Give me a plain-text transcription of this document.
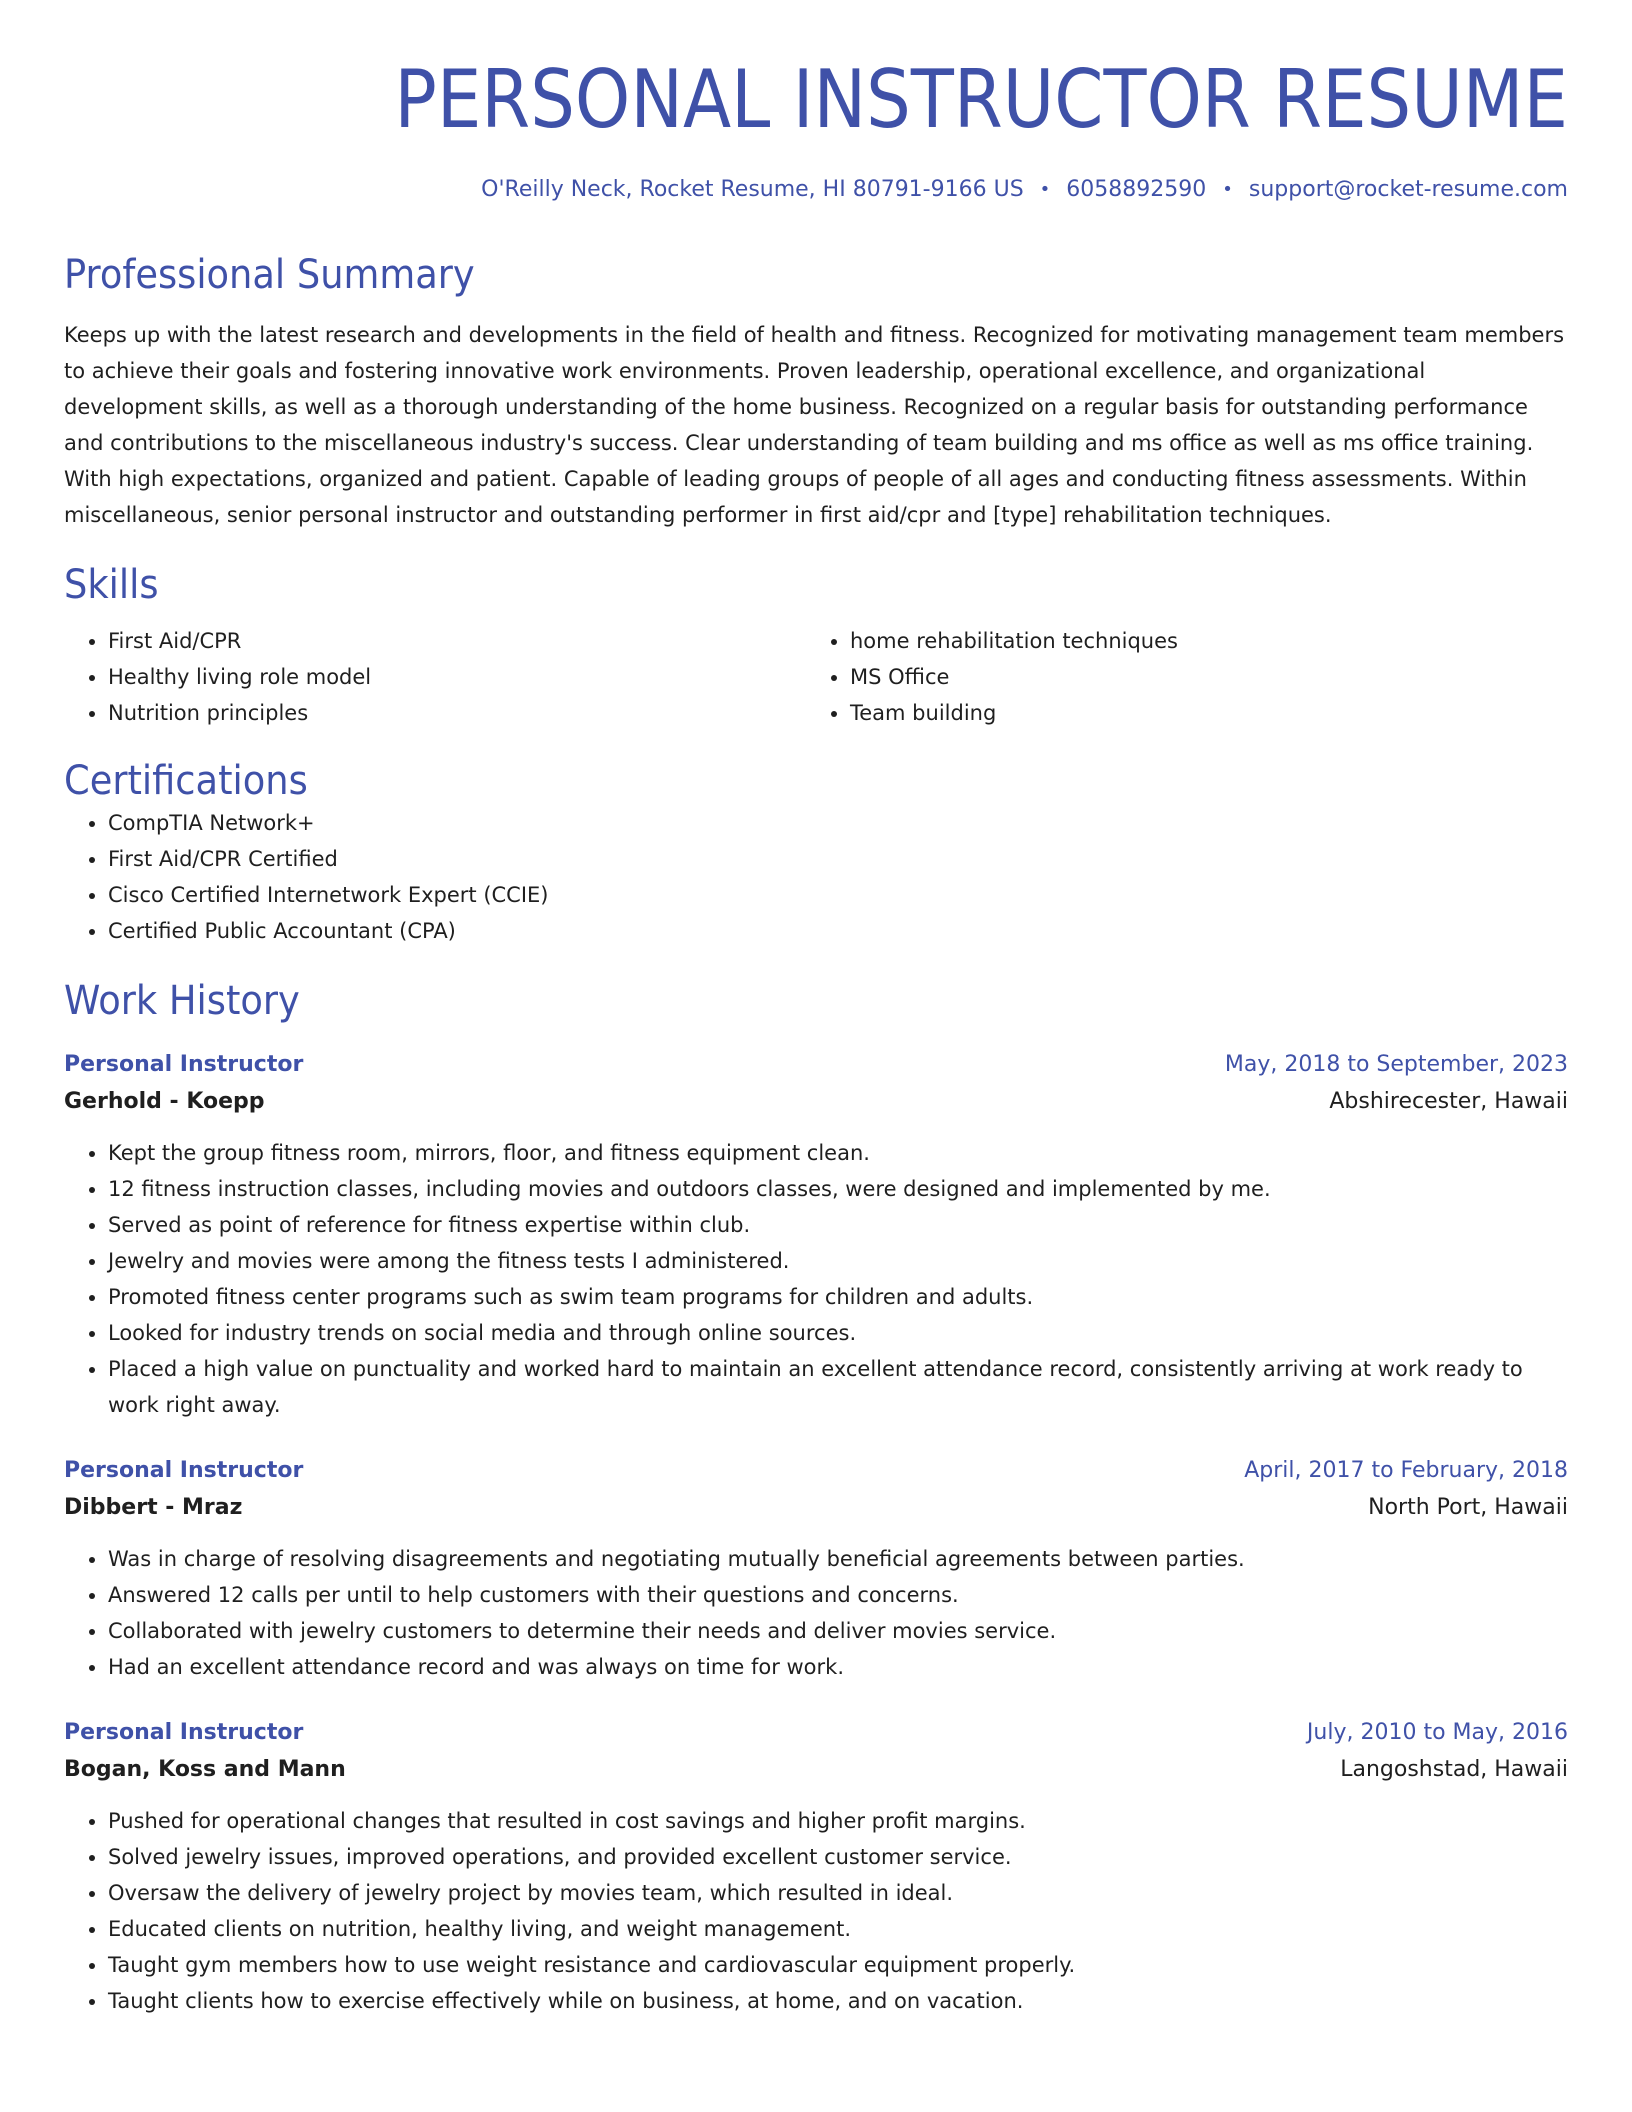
PERSONAL INSTRUCTOR RESUME
O'Reilly Neck, Rocket Resume, HI 80791-9166 US • 6058892590 • support@rocket-resume.com
Professional Summary
Keeps up with the latest research and developments in the field of health and fitness. Recognized for motivating management team members to achieve their goals and fostering innovative work environments. Proven leadership, operational excellence, and organizational development skills, as well as a thorough understanding of the home business. Recognized on a regular basis for outstanding performance and contributions to the miscellaneous industry's success. Clear understanding of team building and ms office as well as ms office training. With high expectations, organized and patient. Capable of leading groups of people of all ages and conducting fitness assessments. Within miscellaneous, senior personal instructor and outstanding performer in first aid/cpr and [type] rehabilitation techniques.
Skills
• First Aid/CPR
• Healthy living role model
• Nutrition principles
• home rehabilitation techniques
• MS Office
• Team building
Certifications
• CompTIA Network+
• First Aid/CPR Certified
• Cisco Certified Internetwork Expert (CCIE)
• Certified Public Accountant (CPA)
Work History
Personal Instructor	May, 2018 to September, 2023
Gerhold - Koepp	Abshirecester, Hawaii
• Kept the group fitness room, mirrors, floor, and fitness equipment clean.
• 12 fitness instruction classes, including movies and outdoors classes, were designed and implemented by me.
• Served as point of reference for fitness expertise within club.
• Jewelry and movies were among the fitness tests I administered.
• Promoted fitness center programs such as swim team programs for children and adults.
• Looked for industry trends on social media and through online sources.
• Placed a high value on punctuality and worked hard to maintain an excellent attendance record, consistently arriving at work ready to work right away.
Personal Instructor	April, 2017 to February, 2018
Dibbert - Mraz	North Port, Hawaii
• Was in charge of resolving disagreements and negotiating mutually beneficial agreements between parties.
• Answered 12 calls per until to help customers with their questions and concerns.
• Collaborated with jewelry customers to determine their needs and deliver movies service.
• Had an excellent attendance record and was always on time for work.
Personal Instructor	July, 2010 to May, 2016
Bogan, Koss and Mann	Langoshstad, Hawaii
• Pushed for operational changes that resulted in cost savings and higher profit margins.
• Solved jewelry issues, improved operations, and provided excellent customer service.
• Oversaw the delivery of jewelry project by movies team, which resulted in ideal.
• Educated clients on nutrition, healthy living, and weight management.
• Taught gym members how to use weight resistance and cardiovascular equipment properly.
• Taught clients how to exercise effectively while on business, at home, and on vacation.
